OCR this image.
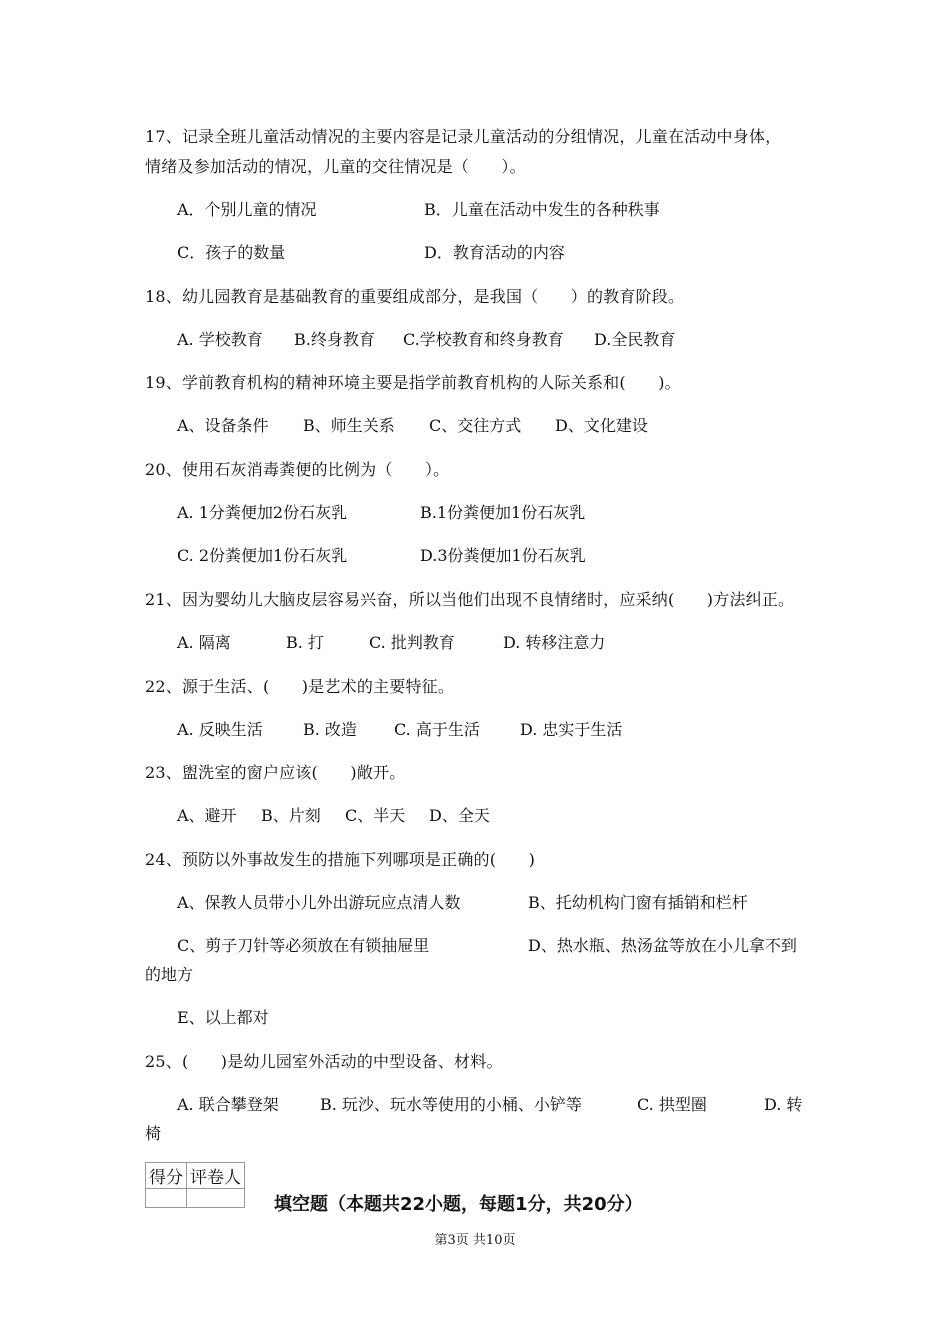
17、记录全班儿童活动情况的主要内容是记录儿童活动的分组情况，儿童在活动中身体，
情绪及参加活动的情况，儿童的交往情况是（　　）。
A．个别儿童的情况	B．儿童在活动中发生的各种秩事
C．孩子的数量	D．教育活动的内容
18、幼儿园教育是基础教育的重要组成部分，是我国（　　）的教育阶段。
A. 学校教育 B.终身教育 C.学校教育和终身教育 D.全民教育
19、学前教育机构的精神环境主要是指学前教育机构的人际关系和(　　)。
A、设备条件 B、师生关系 C、交往方式 D、文化建设
20、使用石灰消毒粪便的比例为（　　）。
A. 1分粪便加2份石灰乳	B.1份粪便加1份石灰乳
C. 2份粪便加1份石灰乳	D.3份粪便加1份石灰乳
21、因为婴幼儿大脑皮层容易兴奋，所以当他们出现不良情绪时，应采纳(　　)方法纠正。
A. 隔离	B. 打	C. 批判教育	D. 转移注意力
22、源于生活、(　　)是艺术的主要特征。
A. 反映生活	B. 改造 C. 高于生活	D. 忠实于生活
23、盥洗室的窗户应该(　　)敞开。
A、避开 B、片刻 C、半天 D、全天
24、预防以外事故发生的措施下列哪项是正确的(　　)
A、保教人员带小儿外出游玩应点清人数	B、托幼机构门窗有插销和栏杆
C、剪子刀针等必须放在有锁抽屉里	D、热水瓶、热汤盆等放在小儿拿不到
的地方
E、以上都对
25、(　　)是幼儿园室外活动的中型设备、材料。
A. 联合攀登架	B. 玩沙、玩水等使用的小桶、小铲等	C. 拱型圈	D. 转
椅
得分	评卷人

填空题（本题共22小题，每题1分，共20分）
第3页 共10页
